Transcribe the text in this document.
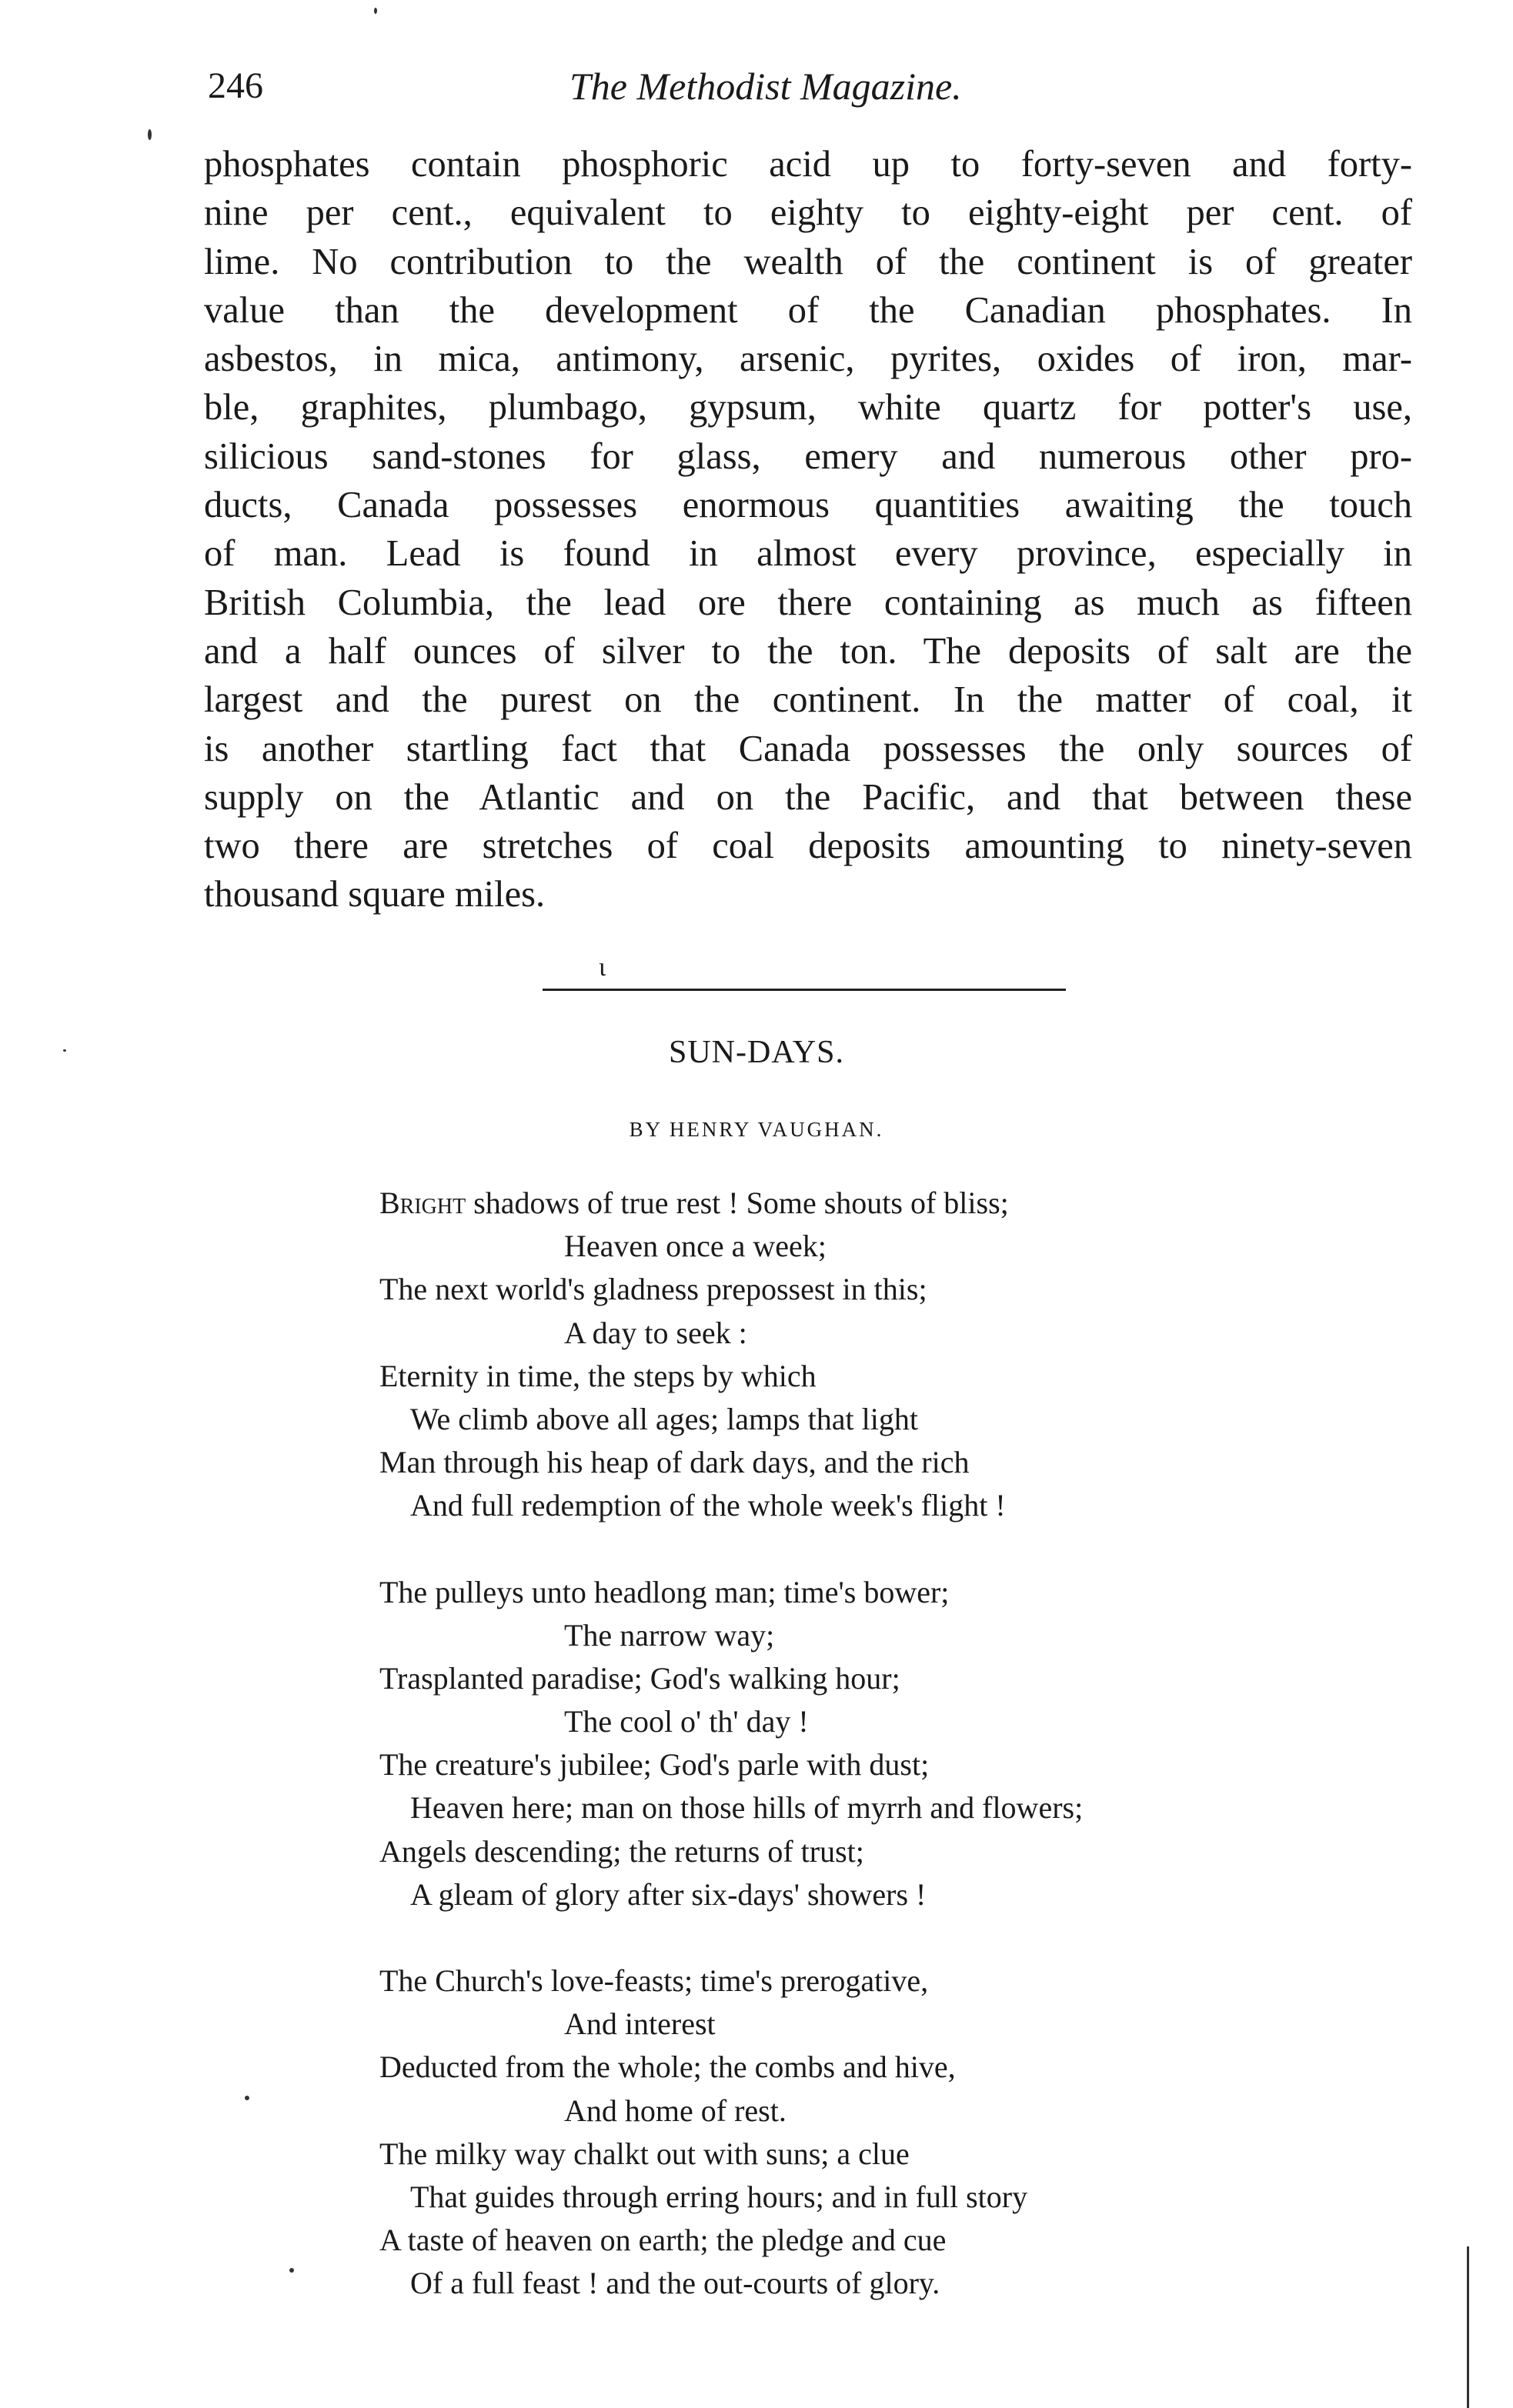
246	The Methodist Magazine.
phosphates contain phosphoric acid up to forty-seven and forty-
nine per cent., equivalent to eighty to eighty-eight per cent. of
lime. No contribution to the wealth of the continent is of greater
value than the development of the Canadian phosphates. In
asbestos, in mica, antimony, arsenic, pyrites, oxides of iron, mar-
ble, graphites, plumbago, gypsum, white quartz for potter's use,
silicious sand-stones for glass, emery and numerous other pro-
ducts, Canada possesses enormous quantities awaiting the touch
of man. Lead is found in almost every province, especially in
British Columbia, the lead ore there containing as much as fifteen
and a half ounces of silver to the ton. The deposits of salt are the
largest and the purest on the continent. In the matter of coal, it
is another startling fact that Canada possesses the only sources of
supply on the Atlantic and on the Pacific, and that between these
two there are stretches of coal deposits amounting to ninety-seven
thousand square miles.
ɩ
SUN-DAYS.
BY HENRY VAUGHAN.
Bright shadows of true rest ! Some shouts of bliss;
Heaven once a week;
The next world's gladness prepossest in this;
A day to seek :
Eternity in time, the steps by which
We climb above all ages; lamps that light
Man through his heap of dark days, and the rich
And full redemption of the whole week's flight !
The pulleys unto headlong man; time's bower;
The narrow way;
Trasplanted paradise; God's walking hour;
The cool o' th' day !
The creature's jubilee; God's parle with dust;
Heaven here; man on those hills of myrrh and flowers;
Angels descending; the returns of trust;
A gleam of glory after six-days' showers !
The Church's love-feasts; time's prerogative,
And interest
Deducted from the whole; the combs and hive,
And home of rest.
The milky way chalkt out with suns; a clue
That guides through erring hours; and in full story
A taste of heaven on earth; the pledge and cue
Of a full feast ! and the out-courts of glory.
